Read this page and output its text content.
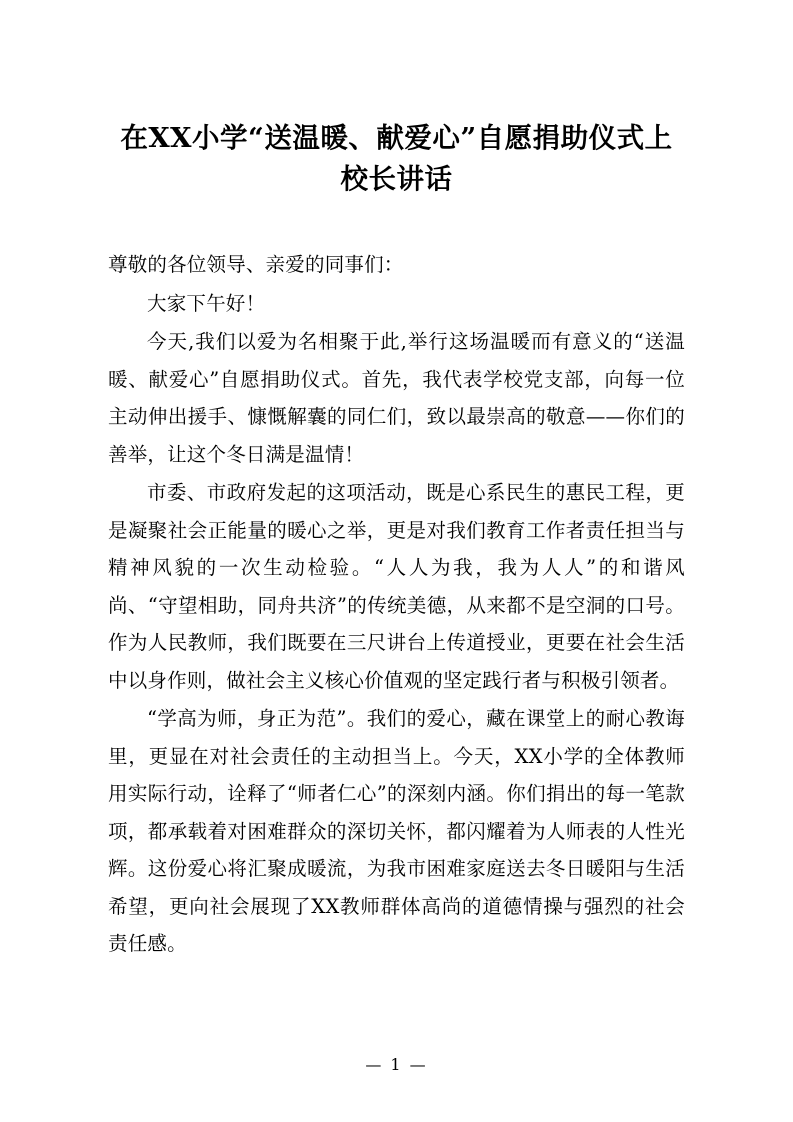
在XX小学“送温暖、献爱心”自愿捐助仪式上校长讲话

尊敬的各位领导、亲爱的同事们：

大家下午好！

今天,我们以爱为名相聚于此,举行这场温暖而有意义的“送温暖、献爱心”自愿捐助仪式。首先，我代表学校党支部，向每一位主动伸出援手、慷慨解囊的同仁们，致以最崇高的敬意——你们的善举，让这个冬日满是温情！

市委、市政府发起的这项活动，既是心系民生的惠民工程，更是凝聚社会正能量的暖心之举，更是对我们教育工作者责任担当与精神风貌的一次生动检验。“人人为我，我为人人”的和谐风尚、“守望相助，同舟共济”的传统美德，从来都不是空洞的口号。作为人民教师，我们既要在三尺讲台上传道授业，更要在社会生活中以身作则，做社会主义核心价值观的坚定践行者与积极引领者。

“学高为师，身正为范”。我们的爱心，藏在课堂上的耐心教诲里，更显在对社会责任的主动担当上。今天，XX小学的全体教师用实际行动，诠释了“师者仁心”的深刻内涵。你们捐出的每一笔款项，都承载着对困难群众的深切关怀，都闪耀着为人师表的人性光辉。这份爱心将汇聚成暖流，为我市困难家庭送去冬日暖阳与生活希望，更向社会展现了XX教师群体高尚的道德情操与强烈的社会责任感。

— 1 —
